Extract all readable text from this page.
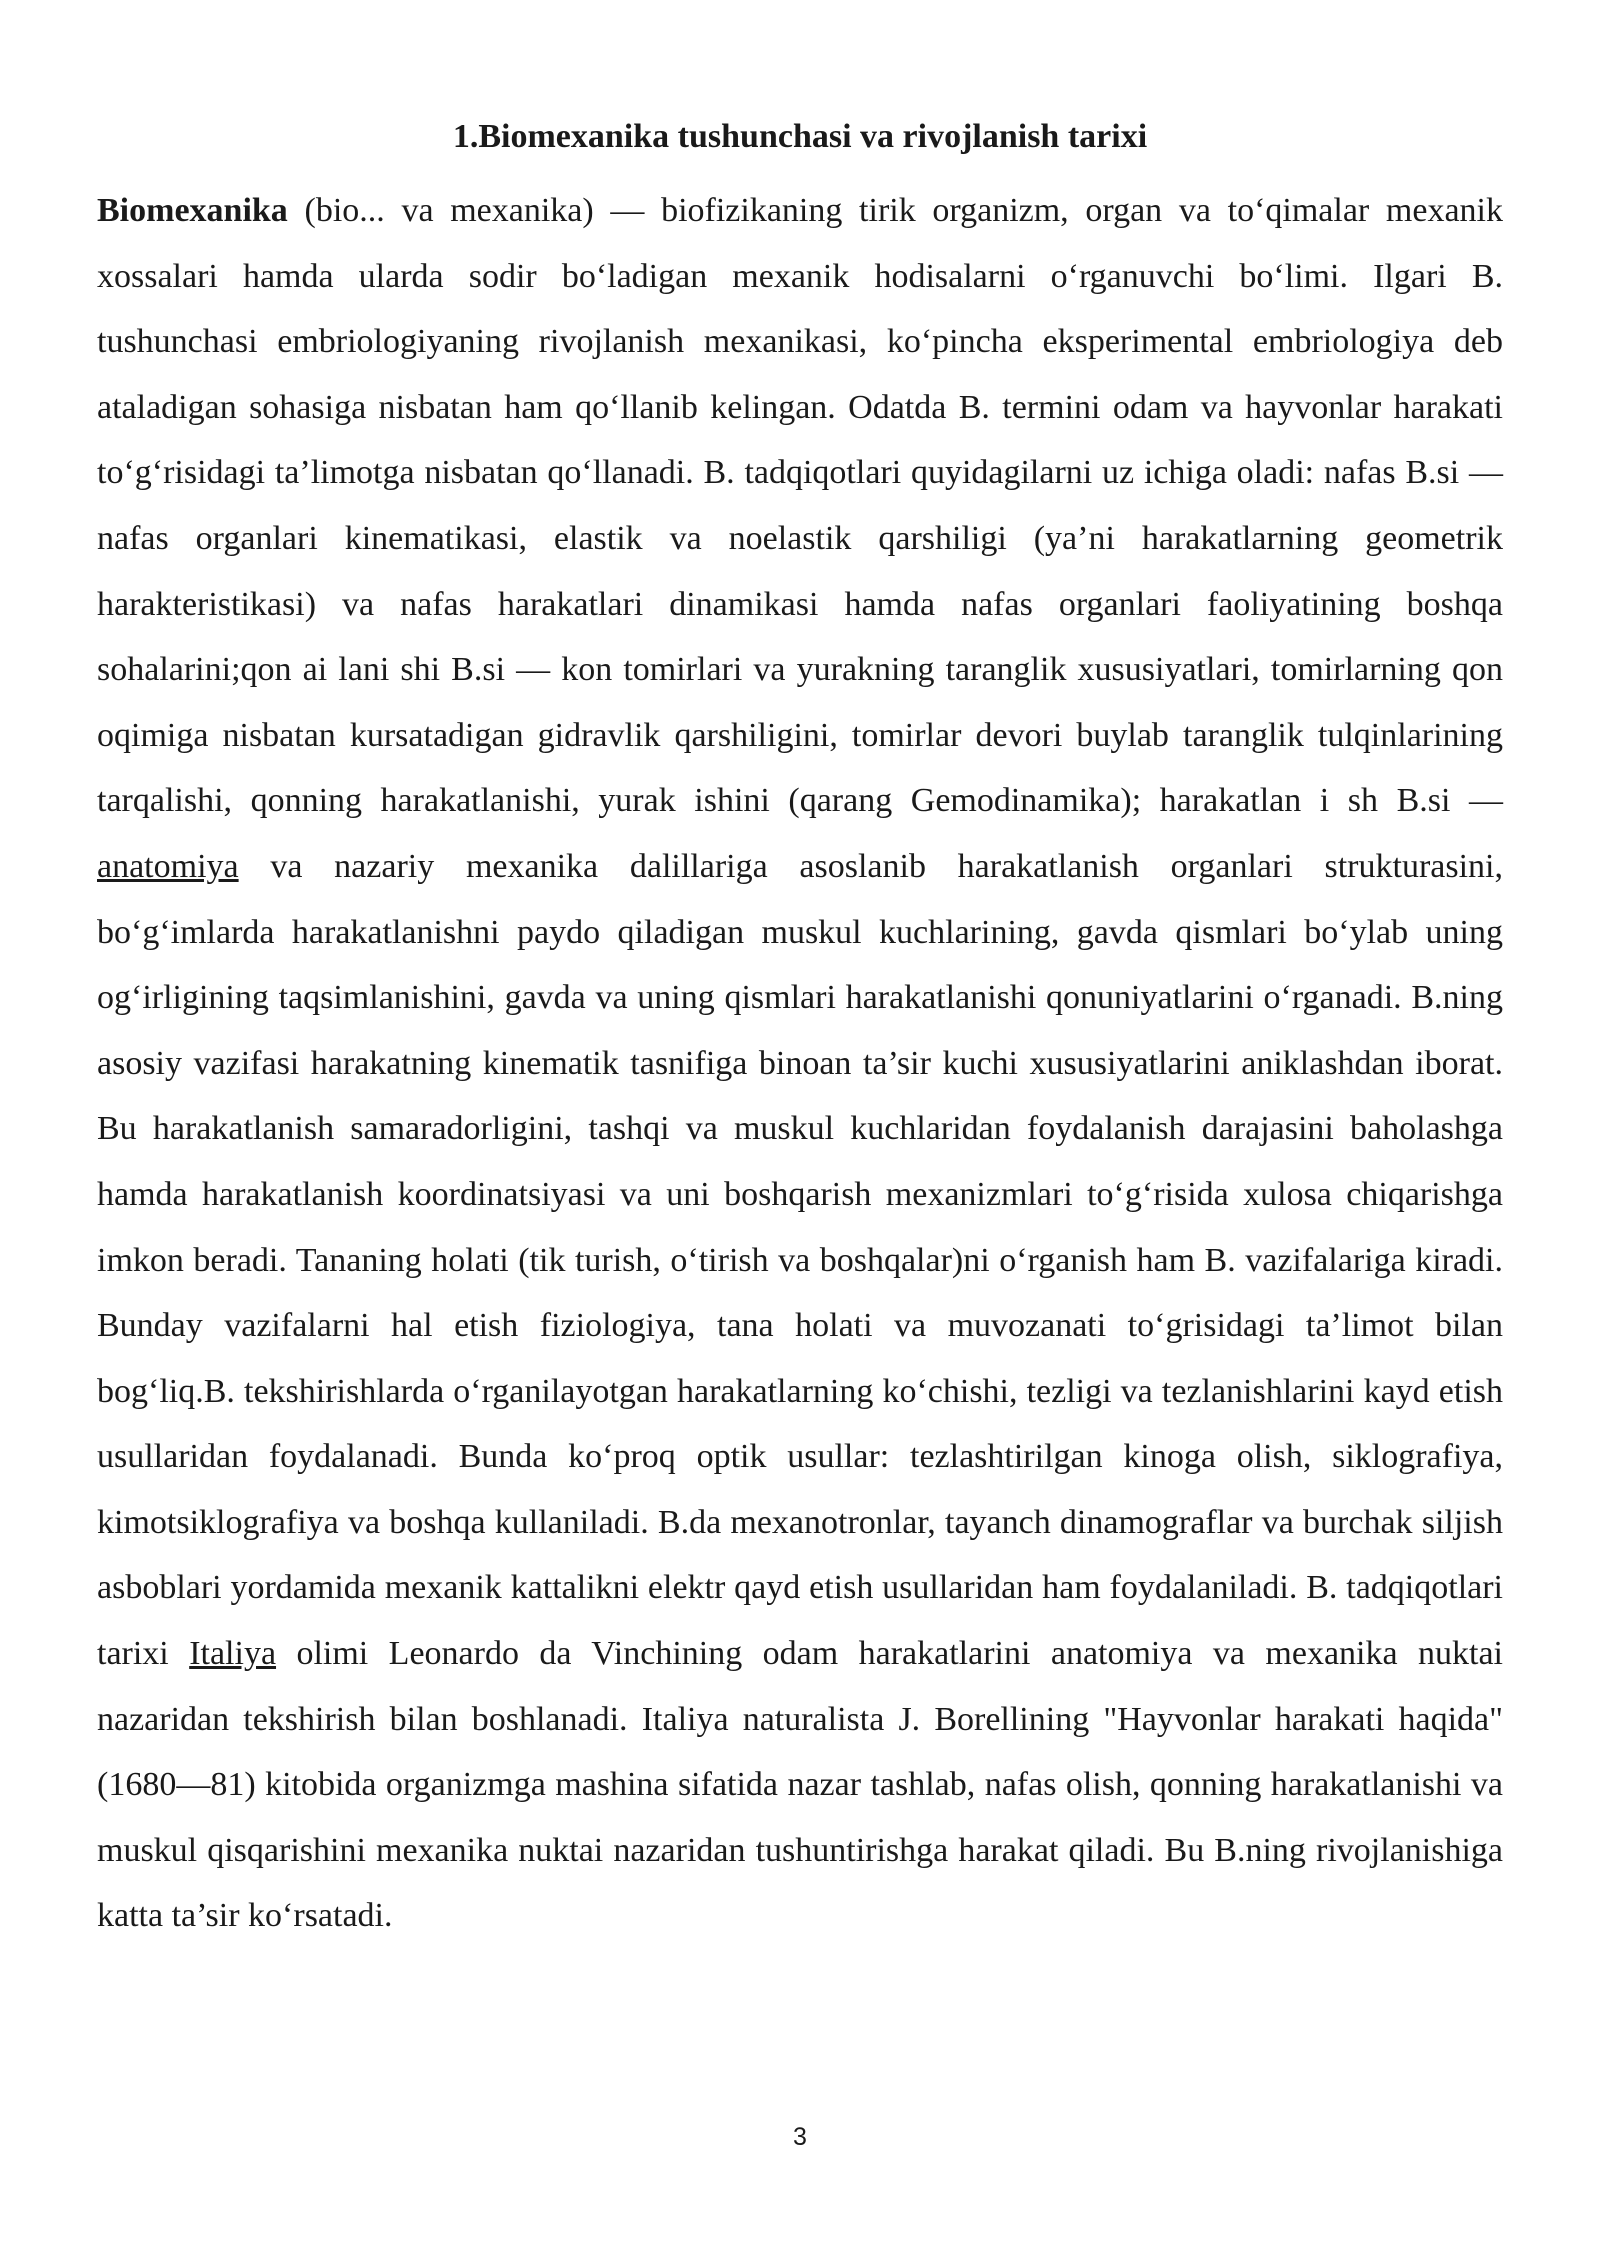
1.Biomexanika tushunchasi va rivojlanish tarixi

Biomexanika (bio... va mexanika) — biofizikaning tirik organizm, organ va to‘qimalar mexanik xossalari hamda ularda sodir bo‘ladigan mexanik hodisalarni o‘rganuvchi bo‘limi. Ilgari B. tushunchasi embriologiyaning rivojlanish mexanikasi, ko‘pincha eksperimental embriologiya deb ataladigan sohasiga nisbatan ham qo‘llanib kelingan. Odatda B. termini odam va hayvonlar harakati to‘g‘risidagi ta’limotga nisbatan qo‘llanadi. B. tadqiqotlari quyidagilarni uz ichiga oladi: nafas B.si — nafas organlari kinematikasi, elastik va noelastik qarshiligi (ya’ni harakatlarning geometrik harakteristikasi) va nafas harakatlari dinamikasi hamda nafas organlari faoliyatining boshqa sohalarini;qon ai lani shi B.si — kon tomirlari va yurakning taranglik xususiyatlari, tomirlarning qon oqimiga nisbatan kursatadigan gidravlik qarshiligini, tomirlar devori buylab taranglik tulqinlarining tarqalishi, qonning harakatlanishi, yurak ishini (qarang Gemodinamika); harakatlan i sh B.si —anatomiya va nazariy mexanika dalillariga asoslanib harakatlanish organlari strukturasini, bo‘g‘imlarda harakatlanishni paydo qiladigan muskul kuchlarining, gavda qismlari bo‘ylab uning og‘irligining taqsimlanishini, gavda va uning qismlari harakatlanishi qonuniyatlarini o‘rganadi. B.ning asosiy vazifasi harakatning kinematik tasnifiga binoan ta’sir kuchi xususiyatlarini aniklashdan iborat. Bu harakatlanish samaradorligini, tashqi va muskul kuchlaridan foydalanish darajasini baholashga hamda harakatlanish koordinatsiyasi va uni boshqarish mexanizmlari to‘g‘risida xulosa chiqarishga imkon beradi. Tananing holati (tik turish, o‘tirish va boshqalar)ni o‘rganish ham B. vazifalariga kiradi. Bunday vazifalarni hal etish fiziologiya, tana holati va muvozanati to‘grisidagi ta’limot bilan bog‘liq.B. tekshirishlarda o‘rganilayotgan harakatlarning ko‘chishi, tezligi va tezlanishlarini kayd etish usullaridan foydalanadi. Bunda ko‘proq optik usullar: tezlashtirilgan kinoga olish, siklografiya, kimotsiklografiya va boshqa kullaniladi. B.da mexanotronlar, tayanch dinamograflar va burchak siljish asboblari yordamida mexanik kattalikni elektr qayd etish usullaridan ham foydalaniladi. B. tadqiqotlari tarixi Italiya olimi Leonardo da Vinchining odam harakatlarini anatomiya va mexanika nuktai nazaridan tekshirish bilan boshlanadi. Italiya naturalista J. Borellining "Hayvonlar harakati haqida" (1680—81) kitobida organizmga mashina sifatida nazar tashlab, nafas olish, qonning harakatlanishi va muskul qisqarishini mexanika nuktai nazaridan tushuntirishga harakat qiladi. Bu B.ning rivojlanishiga katta ta’sir ko‘rsatadi.

3
